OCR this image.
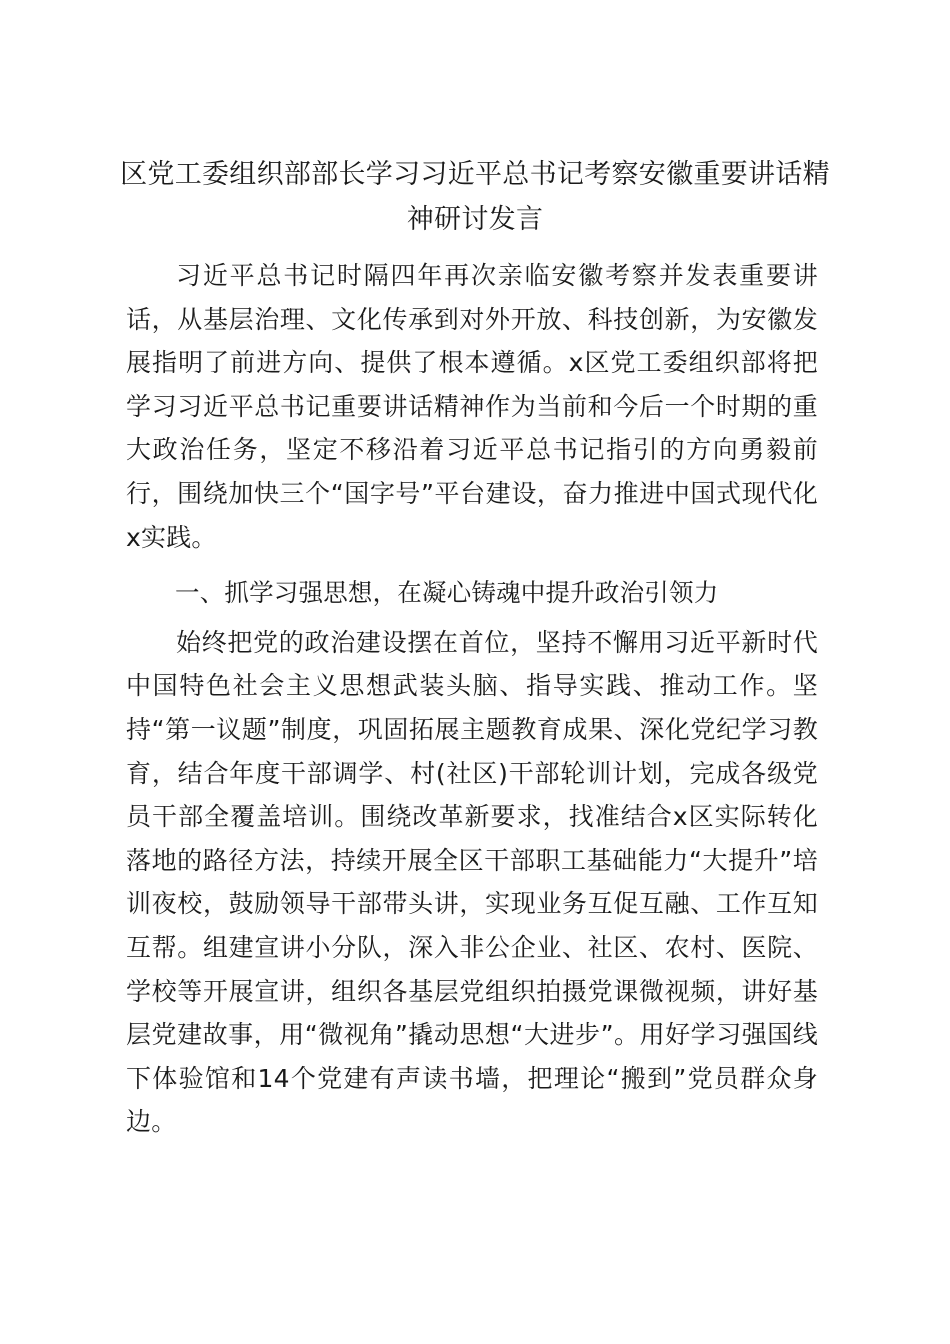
区党工委组织部部长学习习近平总书记考察安徽重要讲话精神研讨发言

习近平总书记时隔四年再次亲临安徽考察并发表重要讲话，从基层治理、文化传承到对外开放、科技创新，为安徽发展指明了前进方向、提供了根本遵循。x区党工委组织部将把学习习近平总书记重要讲话精神作为当前和今后一个时期的重大政治任务，坚定不移沿着习近平总书记指引的方向勇毅前行，围绕加快三个“国字号”平台建设，奋力推进中国式现代化x实践。

一、抓学习强思想，在凝心铸魂中提升政治引领力

始终把党的政治建设摆在首位，坚持不懈用习近平新时代中国特色社会主义思想武装头脑、指导实践、推动工作。坚持“第一议题”制度，巩固拓展主题教育成果、深化党纪学习教育，结合年度干部调学、村(社区)干部轮训计划，完成各级党员干部全覆盖培训。围绕改革新要求，找准结合x区实际转化落地的路径方法，持续开展全区干部职工基础能力“大提升”培训夜校，鼓励领导干部带头讲，实现业务互促互融、工作互知互帮。组建宣讲小分队，深入非公企业、社区、农村、医院、学校等开展宣讲，组织各基层党组织拍摄党课微视频，讲好基层党建故事，用“微视角”撬动思想“大进步”。用好学习强国线下体验馆和14个党建有声读书墙，把理论“搬到”党员群众身边。
